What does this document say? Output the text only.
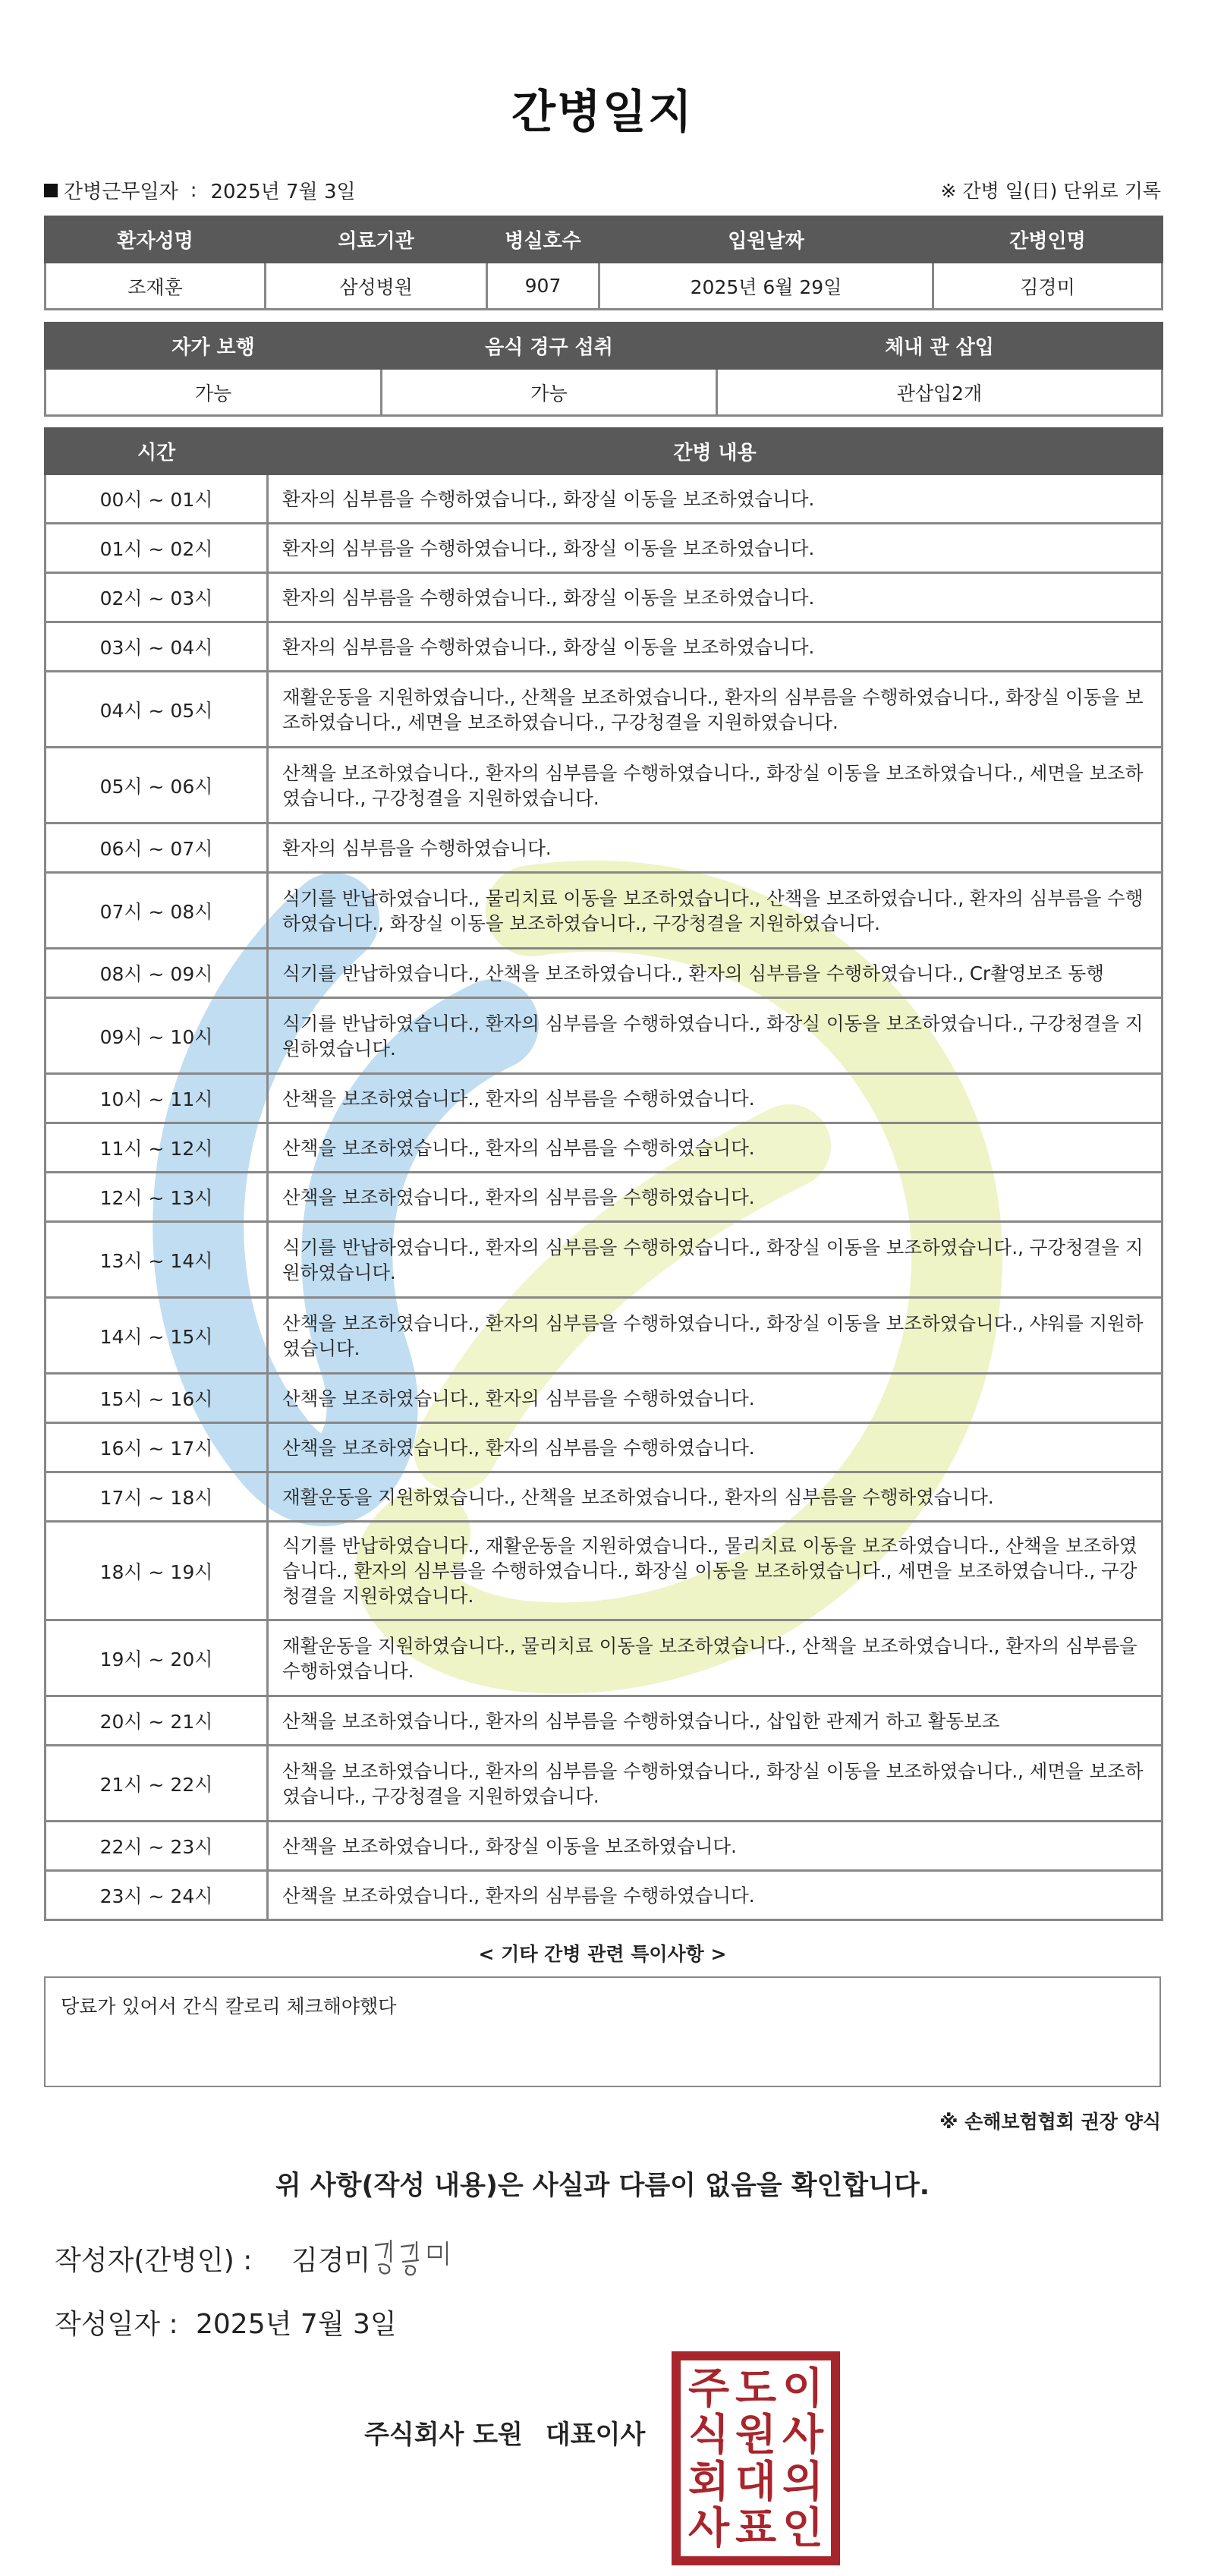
간병일지
간병근무일자 : 2025년 7월 3일	※ 간병 일(日) 단위로 기록
환자성명	의료기관	병실호수	입원날짜	간병인명
조재훈	삼성병원	907	2025년 6월 29일	김경미
자가 보행	음식 경구 섭취	체내 관 삽입
가능	가능	관삽입2개
시간	간병 내용
00시 ~ 01시	환자의 심부름을 수행하였습니다., 화장실 이동을 보조하였습니다.
01시 ~ 02시	환자의 심부름을 수행하였습니다., 화장실 이동을 보조하였습니다.
02시 ~ 03시	환자의 심부름을 수행하였습니다., 화장실 이동을 보조하였습니다.
03시 ~ 04시	환자의 심부름을 수행하였습니다., 화장실 이동을 보조하였습니다.
04시 ~ 05시	재활운동을 지원하였습니다., 산책을 보조하였습니다., 환자의 심부름을 수행하였습니다., 화장실 이동을 보조하였습니다., 세면을 보조하였습니다., 구강청결을 지원하였습니다.
05시 ~ 06시	산책을 보조하였습니다., 환자의 심부름을 수행하였습니다., 화장실 이동을 보조하였습니다., 세면을 보조하였습니다., 구강청결을 지원하였습니다.
06시 ~ 07시	환자의 심부름을 수행하였습니다.
07시 ~ 08시	식기를 반납하였습니다., 물리치료 이동을 보조하였습니다., 산책을 보조하였습니다., 환자의 심부름을 수행하였습니다., 화장실 이동을 보조하였습니다., 구강청결을 지원하였습니다.
08시 ~ 09시	식기를 반납하였습니다., 산책을 보조하였습니다., 환자의 심부름을 수행하였습니다., Cr촬영보조 동행
09시 ~ 10시	식기를 반납하였습니다., 환자의 심부름을 수행하였습니다., 화장실 이동을 보조하였습니다., 구강청결을 지원하였습니다.
10시 ~ 11시	산책을 보조하였습니다., 환자의 심부름을 수행하였습니다.
11시 ~ 12시	산책을 보조하였습니다., 환자의 심부름을 수행하였습니다.
12시 ~ 13시	산책을 보조하였습니다., 환자의 심부름을 수행하였습니다.
13시 ~ 14시	식기를 반납하였습니다., 환자의 심부름을 수행하였습니다., 화장실 이동을 보조하였습니다., 구강청결을 지원하였습니다.
14시 ~ 15시	산책을 보조하였습니다., 환자의 심부름을 수행하였습니다., 화장실 이동을 보조하였습니다., 샤워를 지원하였습니다.
15시 ~ 16시	산책을 보조하였습니다., 환자의 심부름을 수행하였습니다.
16시 ~ 17시	산책을 보조하였습니다., 환자의 심부름을 수행하였습니다.
17시 ~ 18시	재활운동을 지원하였습니다., 산책을 보조하였습니다., 환자의 심부름을 수행하였습니다.
18시 ~ 19시	식기를 반납하였습니다., 재활운동을 지원하였습니다., 물리치료 이동을 보조하였습니다., 산책을 보조하였습니다., 환자의 심부름을 수행하였습니다., 화장실 이동을 보조하였습니다., 세면을 보조하였습니다., 구강청결을 지원하였습니다.
19시 ~ 20시	재활운동을 지원하였습니다., 물리치료 이동을 보조하였습니다., 산책을 보조하였습니다., 환자의 심부름을 수행하였습니다.
20시 ~ 21시	산책을 보조하였습니다., 환자의 심부름을 수행하였습니다., 삽입한 관제거 하고 활동보조
21시 ~ 22시	산책을 보조하였습니다., 환자의 심부름을 수행하였습니다., 화장실 이동을 보조하였습니다., 세면을 보조하였습니다., 구강청결을 지원하였습니다.
22시 ~ 23시	산책을 보조하였습니다., 화장실 이동을 보조하였습니다.
23시 ~ 24시	산책을 보조하였습니다., 환자의 심부름을 수행하였습니다.
< 기타 간병 관련 특이사항 >
당료가 있어서 간식 칼로리 체크해야했다
※ 손해보험협회 권장 양식
위 사항(작성 내용)은 사실과 다름이 없음을 확인합니다.
작성자(간병인) :	김경미
작성일자 : 2025년 7월 3일
주식회사 도원 대표이사
주 도 이
식 원 사
회 대 의
사 표 인
